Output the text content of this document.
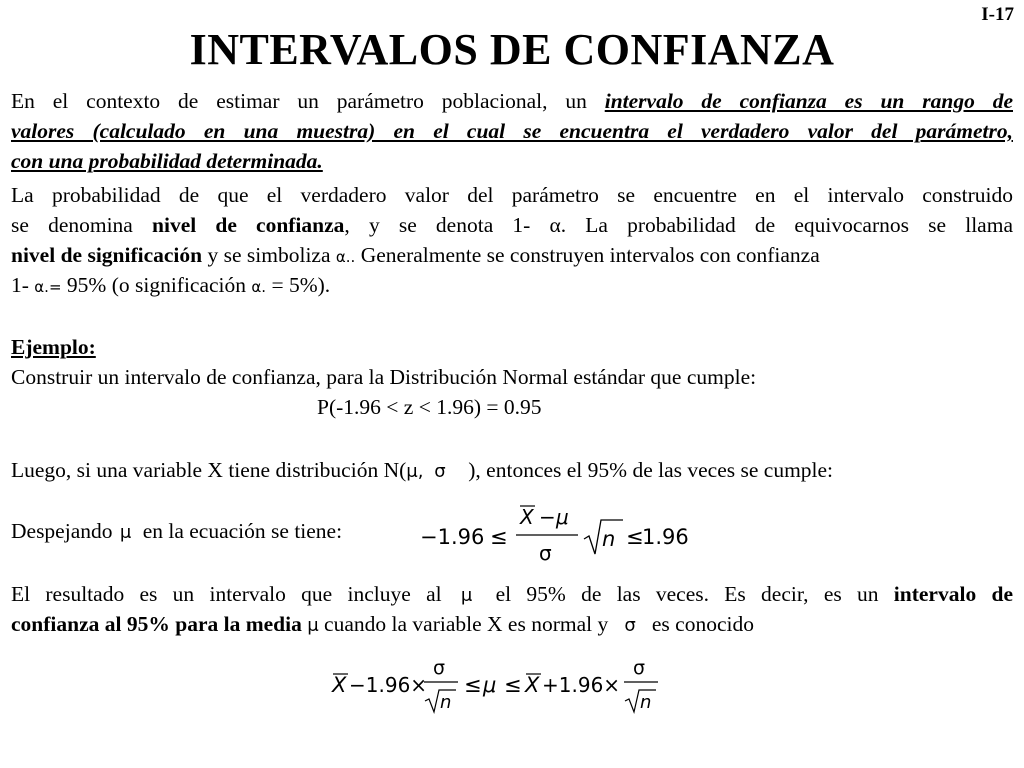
I-17
INTERVALOS DE CONFIANZA
En el contexto de estimar un parámetro poblacional, un intervalo de confianza es un rango de
valores (calculado en una muestra) en el cual se encuentra el verdadero valor del parámetro,
con una probabilidad determinada.
La probabilidad de que el verdadero valor del parámetro se encuentre en el intervalo construido
se denomina nivel de confianza, y se denota 1- α. La probabilidad de equivocarnos se llama
nivel de significación y se simboliza α.. Generalmente se construyen intervalos con confianza
1- α.= 95% (o significación α. = 5%).
Ejemplo:
Construir un intervalo de confianza, para la Distribución Normal estándar que cumple:
P(-1.96 < z < 1.96) = 0.95
Luego, si una variable X tiene distribución N(μ, σ ), entonces el 95% de las veces se cumple:
Despejando μ en la ecuación se tiene:	−1.96 ≤
X − μ
σ
n ≤
1.96
El resultado es un intervalo que incluye al μ el 95% de las veces. Es decir, es un intervalo de
confianza al 95% para la media μ cuando la variable X es normal y   σ   es conocido
X −1.96×
σ
n
≤ μ ≤ X +1.96×
σ
n
